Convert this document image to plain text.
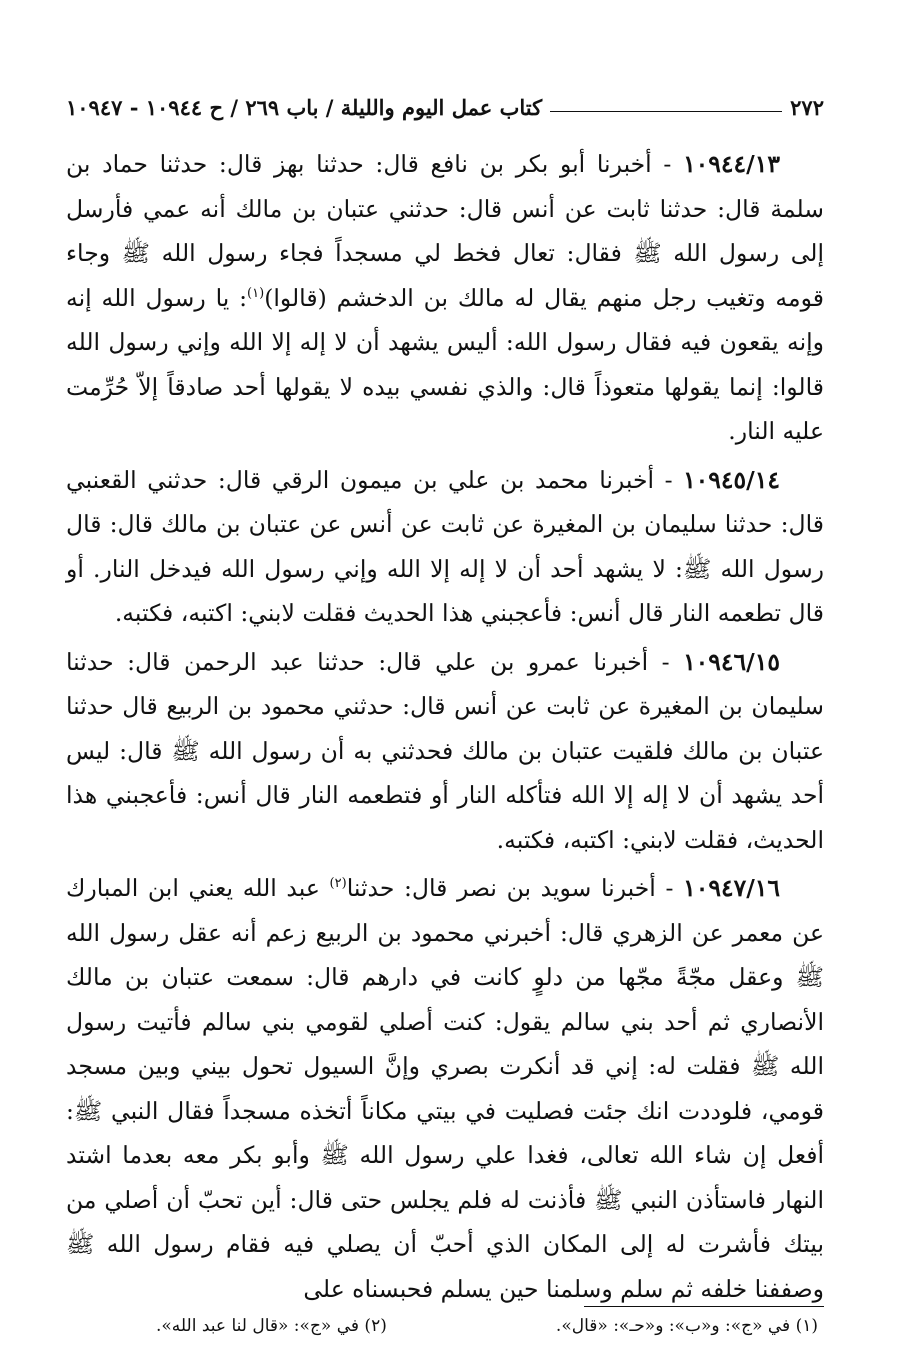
٢٧٢
كتاب عمل اليوم والليلة / باب ٢٦٩ / ح ١٠٩٤٤ - ١٠٩٤٧

١٠٩٤٤/١٣ - أخبرنا أبو بكر بن نافع قال: حدثنا بهز قال: حدثنا حماد بن سلمة قال: حدثنا ثابت عن أنس قال: حدثني عتبان بن مالك أنه عمي فأرسل إلى رسول الله ﷺ فقال: تعال فخط لي مسجداً فجاء رسول الله ﷺ وجاء قومه وتغيب رجل منهم يقال له مالك بن الدخشم (قالوا)$^{(١)}$: يا رسول الله إنه وإنه يقعون فيه فقال رسول الله: أليس يشهد أن لا إله إلا الله وإني رسول الله قالوا: إنما يقولها متعوذاً قال: والذي نفسي بيده لا يقولها أحد صادقاً إلاّ حُرِّمت عليه النار.

١٠٩٤٥/١٤ - أخبرنا محمد بن علي بن ميمون الرقي قال: حدثني القعنبي قال: حدثنا سليمان بن المغيرة عن ثابت عن أنس عن عتبان بن مالك قال: قال رسول الله ﷺ: لا يشهد أحد أن لا إله إلا الله وإني رسول الله فيدخل النار. أو قال تطعمه النار قال أنس: فأعجبني هذا الحديث فقلت لابني: اكتبه، فكتبه.

١٠٩٤٦/١٥ - أخبرنا عمرو بن علي قال: حدثنا عبد الرحمن قال: حدثنا سليمان بن المغيرة عن ثابت عن أنس قال: حدثني محمود بن الربيع قال حدثنا عتبان بن مالك فلقيت عتبان بن مالك فحدثني به أن رسول الله ﷺ قال: ليس أحد يشهد أن لا إله إلا الله فتأكله النار أو فتطعمه النار قال أنس: فأعجبني هذا الحديث، فقلت لابني: اكتبه، فكتبه.

١٠٩٤٧/١٦ - أخبرنا سويد بن نصر قال: حدثنا$^{(٢)}$ عبد الله يعني ابن المبارك عن معمر عن الزهري قال: أخبرني محمود بن الربيع زعم أنه عقل رسول الله ﷺ وعقل مجّةً مجّها من دلوٍ كانت في دارهم قال: سمعت عتبان بن مالك الأنصاري ثم أحد بني سالم يقول: كنت أصلي لقومي بني سالم فأتيت رسول الله ﷺ فقلت له: إني قد أنكرت بصري وإنَّ السيول تحول بيني وبين مسجد قومي، فلوددت انك جئت فصليت في بيتي مكاناً أتخذه مسجداً فقال النبي ﷺ: أفعل إن شاء الله تعالى، فغدا علي رسول الله ﷺ وأبو بكر معه بعدما اشتد النهار فاستأذن النبي ﷺ فأذنت له فلم يجلس حتى قال: أين تحبّ أن أصلي من بيتك فأشرت له إلى المكان الذي أحبّ أن يصلي فيه فقام رسول الله ﷺ وصففنا خلفه ثم سلم وسلمنا حين يسلم فحبسناه على

(١) في «ج»: و«ب»: و«حـ»: «قال».
(٢) في «ج»: «قال لنا عبد الله».
